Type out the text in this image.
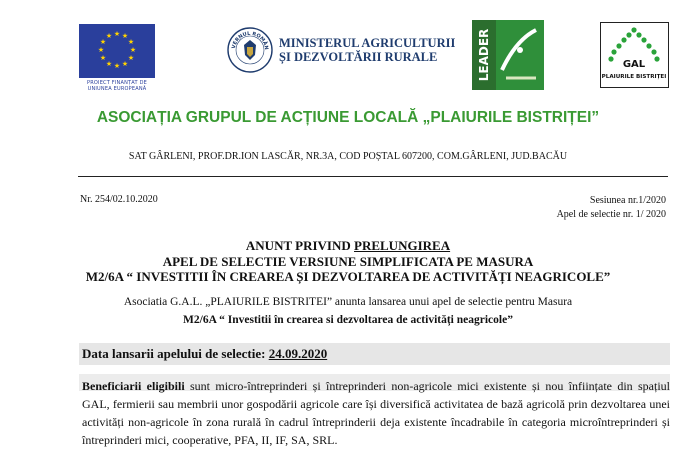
★ ★
★
★
★
★
★
★
★
★
★
★
PROIECT FINANȚAT DE
UNIUNEA EUROPEANĂ
VERNUL ROMÂN MINISTERUL AGRICULTURII
ȘI DEZVOLTĂRII RURALE	LEADER	GAL
PLAIURILE BISTRIȚEI
ASOCIAȚIA GRUPUL DE ACȚIUNE LOCALĂ „PLAIURILE BISTRIȚEI”
SAT GÂRLENI, PROF.DR.ION LASCĂR, NR.3A, COD POȘTAL 607200, COM.GÂRLENI, JUD.BACĂU
Nr. 254/02.10.2020	Sesiunea nr.1/2020
Apel de selectie nr. 1/ 2020
ANUNT PRIVIND PRELUNGIREA
APEL DE SELECTIE VERSIUNE SIMPLIFICATA PE MASURA
M2/6A “ INVESTITII ÎN CREAREA ȘI DEZVOLTAREA DE ACTIVITĂȚI NEAGRICOLE”
Asociatia G.A.L. „PLAIURILE BISTRITEI” anunta lansarea unui apel de selectie pentru Masura
M2/6A “ Investitii în crearea si dezvoltarea de activități neagricole”
Data lansarii apelului de selectie: 24.09.2020
Beneficiarii eligibili sunt micro-întreprinderi și întreprinderi non-agricole mici existente și nou înființate din spațiul GAL, fermierii sau membrii unor gospodării agricole care își diversifică activitatea de bază agricolă prin dezvoltarea unei activități non-agricole în zona rurală în cadrul întreprinderii deja existente încadrabile în categoria microîntreprinderi și întreprinderi mici, cooperative, PFA, II, IF, SA, SRL.
